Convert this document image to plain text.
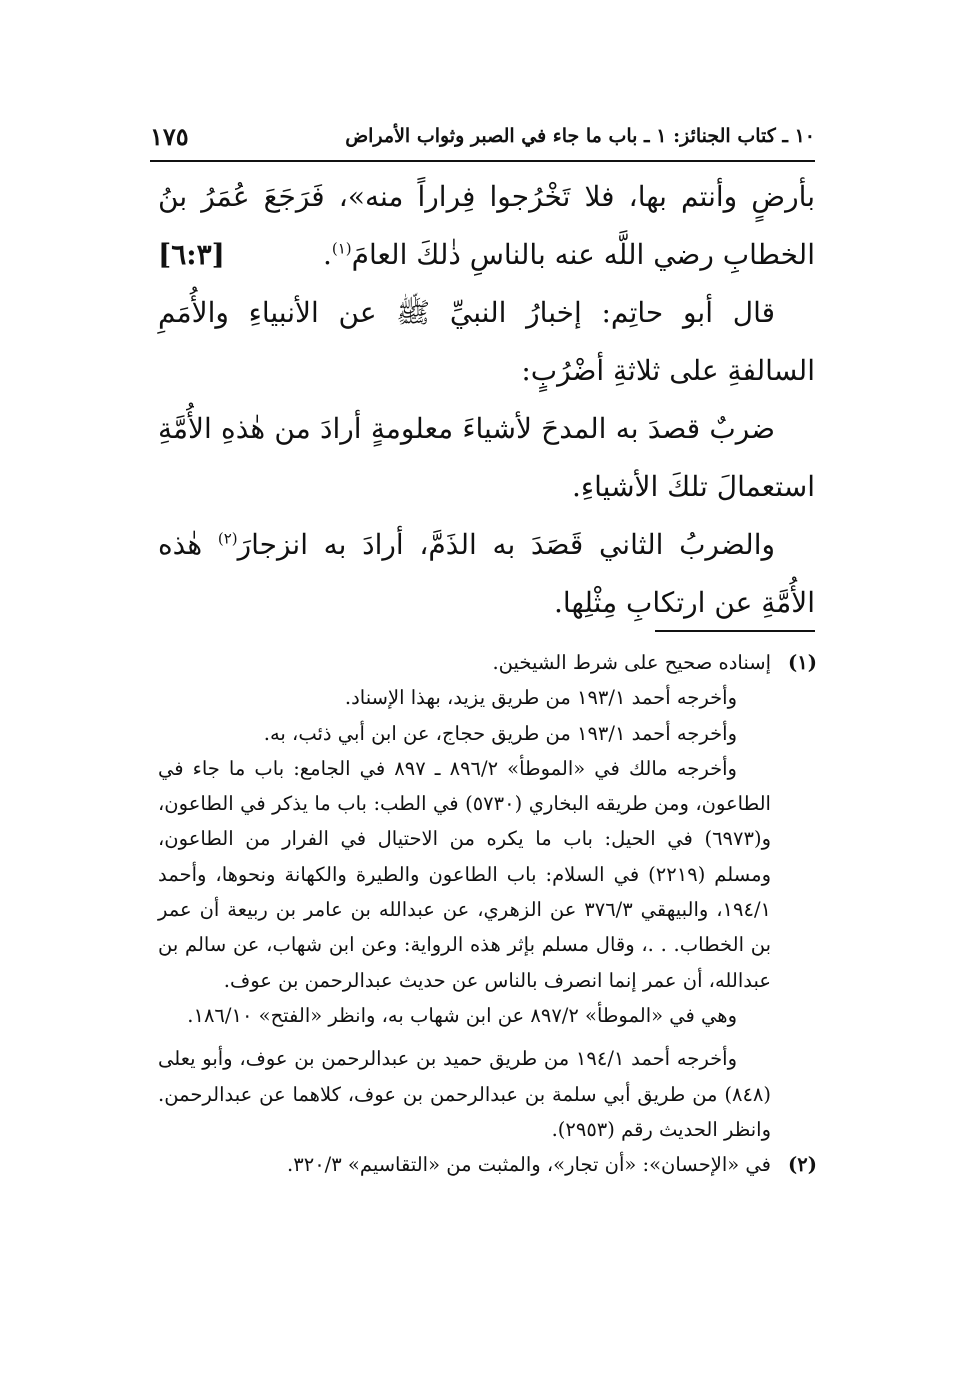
١٠ ـ كتاب الجنائز: ١ ـ باب ما جاء في الصبر وثواب الأمراض
١٧٥

بأرضٍ وأنتم بها، فلا تَخْرُجوا فِراراً منه»، فَرَجَعَ عُمَرُ بنُ الخطابِ رضي اللَّه عنه بالناسِ ذٰلكَ العامَ$^{(١)}$.
[٦:٣]

قال أبو حاتِم: إخبارُ النبيِّ ﷺ عن الأنبياءِ والأُمَمِ السالفةِ على ثلاثةِ أضْرُبٍ:

ضربٌ قصدَ به المدحَ لأشياءَ معلومةٍ أرادَ من هٰذهِ الأُمَّةِ استعمالَ تلكَ الأشياءِ.

والضربُ الثاني قَصَدَ به الذَمَّ، أرادَ به انزجارَ$^{(٢)}$ هٰذه الأُمَّةِ عن ارتكابِ مِثْلِها.

(١)
إسناده صحيح على شرط الشيخين.

وأخرجه أحمد ١٩٣/١ من طريق يزيد، بهذا الإسناد.

وأخرجه أحمد ١٩٣/١ من طريق حجاج، عن ابن أبي ذئب، به.

وأخرجه مالك في «الموطأ» ٨٩٦/٢ ـ ٨٩٧ في الجامع: باب ما جاء في الطاعون، ومن طريقه البخاري (٥٧٣٠) في الطب: باب ما يذكر في الطاعون، و(٦٩٧٣) في الحيل: باب ما يكره من الاحتيال في الفرار من الطاعون، ومسلم (٢٢١٩) في السلام: باب الطاعون والطيرة والكهانة ونحوها، وأحمد ١٩٤/١، والبيهقي ٣٧٦/٣ عن الزهري، عن عبدالله بن عامر بن ربيعة أن عمر بن الخطاب. . .، وقال مسلم بإثر هذه الرواية: وعن ابن شهاب، عن سالم بن عبدالله، أن عمر إنما انصرف بالناس عن حديث عبدالرحمن بن عوف.

وهي في «الموطأ» ٨٩٧/٢ عن ابن شهاب به، وانظر «الفتح» ١٨٦/١٠.

وأخرجه أحمد ١٩٤/١ من طريق حميد بن عبدالرحمن بن عوف، وأبو يعلى (٨٤٨) من طريق أبي سلمة بن عبدالرحمن بن عوف، كلاهما عن عبدالرحمن. وانظر الحديث رقم (٢٩٥٣).

(٢)
في «الإحسان»: «أن تجار»، والمثبت من «التقاسيم» ٣٢٠/٣.
